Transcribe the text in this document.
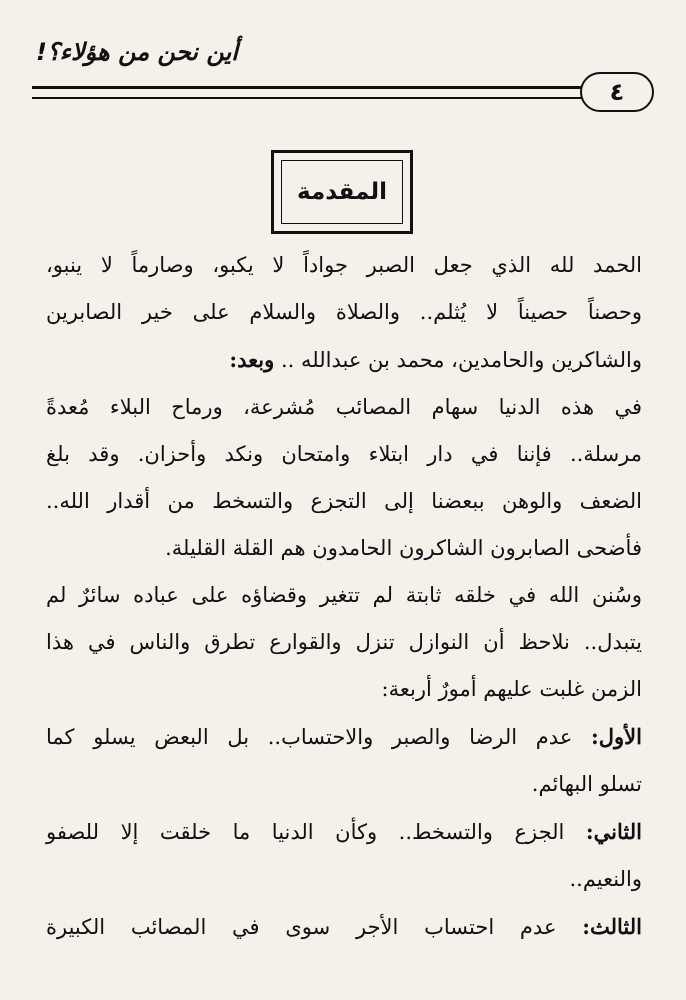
أين نحن من هؤلاء؟!
٤
المقدمة
الحمد لله الذي جعل الصبر جواداً لا يكبو، وصارماً لا ينبو،
وحصناً حصيناً لا يُثلم.. والصلاة والسلام على خير الصابرين
والشاكرين والحامدين، محمد بن عبدالله .. وبعد:
في هذه الدنيا سهام المصائب مُشرعة، ورماح البلاء مُعدةً
مرسلة.. فإننا في دار ابتلاء وامتحان ونكد وأحزان. وقد بلغ
الضعف والوهن ببعضنا إلى التجزع والتسخط من أقدار الله..
فأضحى الصابرون الشاكرون الحامدون هم القلة القليلة.
وسُنن الله في خلقه ثابتة لم تتغير وقضاؤه على عباده سائرٌ لم
يتبدل.. نلاحظ أن النوازل تنزل والقوارع تطرق والناس في هذا
الزمن غلبت عليهم أمورٌ أربعة:
الأول: عدم الرضا والصبر والاحتساب.. بل البعض يسلو كما
تسلو البهائم.
الثاني: الجزع والتسخط.. وكأن الدنيا ما خلقت إلا للصفو
والنعيم..
الثالث: عدم احتساب الأجر سوى في المصائب الكبيرة
